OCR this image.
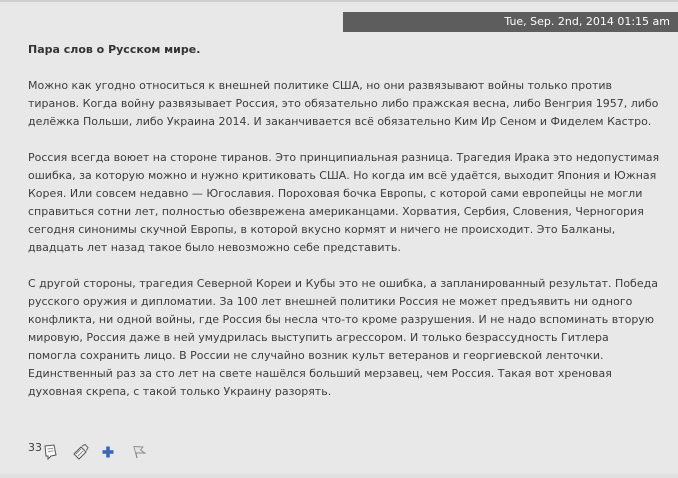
Tue, Sep. 2nd, 2014 01:15 am
Пара слов о Русском мире.

Можно как угодно относиться к внешней политике США, но они развязывают войны только против тиранов. Когда войну развязывает Россия, это обязательно либо пражская весна, либо Венгрия 1957, либо делёжка Польши, либо Украина 2014. И заканчивается всё обязательно Ким Ир Сеном и Фиделем Кастро.

Россия всегда воюет на стороне тиранов. Это принципиальная разница. Трагедия Ирака это недопустимая ошибка, за которую можно и нужно критиковать США. Но когда им всё удаётся, выходит Япония и Южная Корея. Или совсем недавно — Югославия. Пороховая бочка Европы, с которой сами европейцы не могли справиться сотни лет, полностью обезврежена американцами. Хорватия, Сербия, Словения, Черногория сегодня синонимы скучной Европы, в которой вкусно кормят и ничего не происходит. Это Балканы, двадцать лет назад такое было невозможно себе представить.

С другой стороны, трагедия Северной Кореи и Кубы это не ошибка, а запланированный результат. Победа русского оружия и дипломатии. За 100 лет внешней политики Россия не может предъявить ни одного конфликта, ни одной войны, где Россия бы несла что-то кроме разрушения. И не надо вспоминать вторую мировую, Россия даже в ней умудрилась выступить агрессором. И только безрассудность Гитлера помогла сохранить лицо. В России не случайно возник культ ветеранов и георгиевской ленточки. Единственный раз за сто лет на свете нашёлся больший мерзавец, чем Россия. Такая вот хреновая духовная скрепа, с такой только Украину разорять.

33
